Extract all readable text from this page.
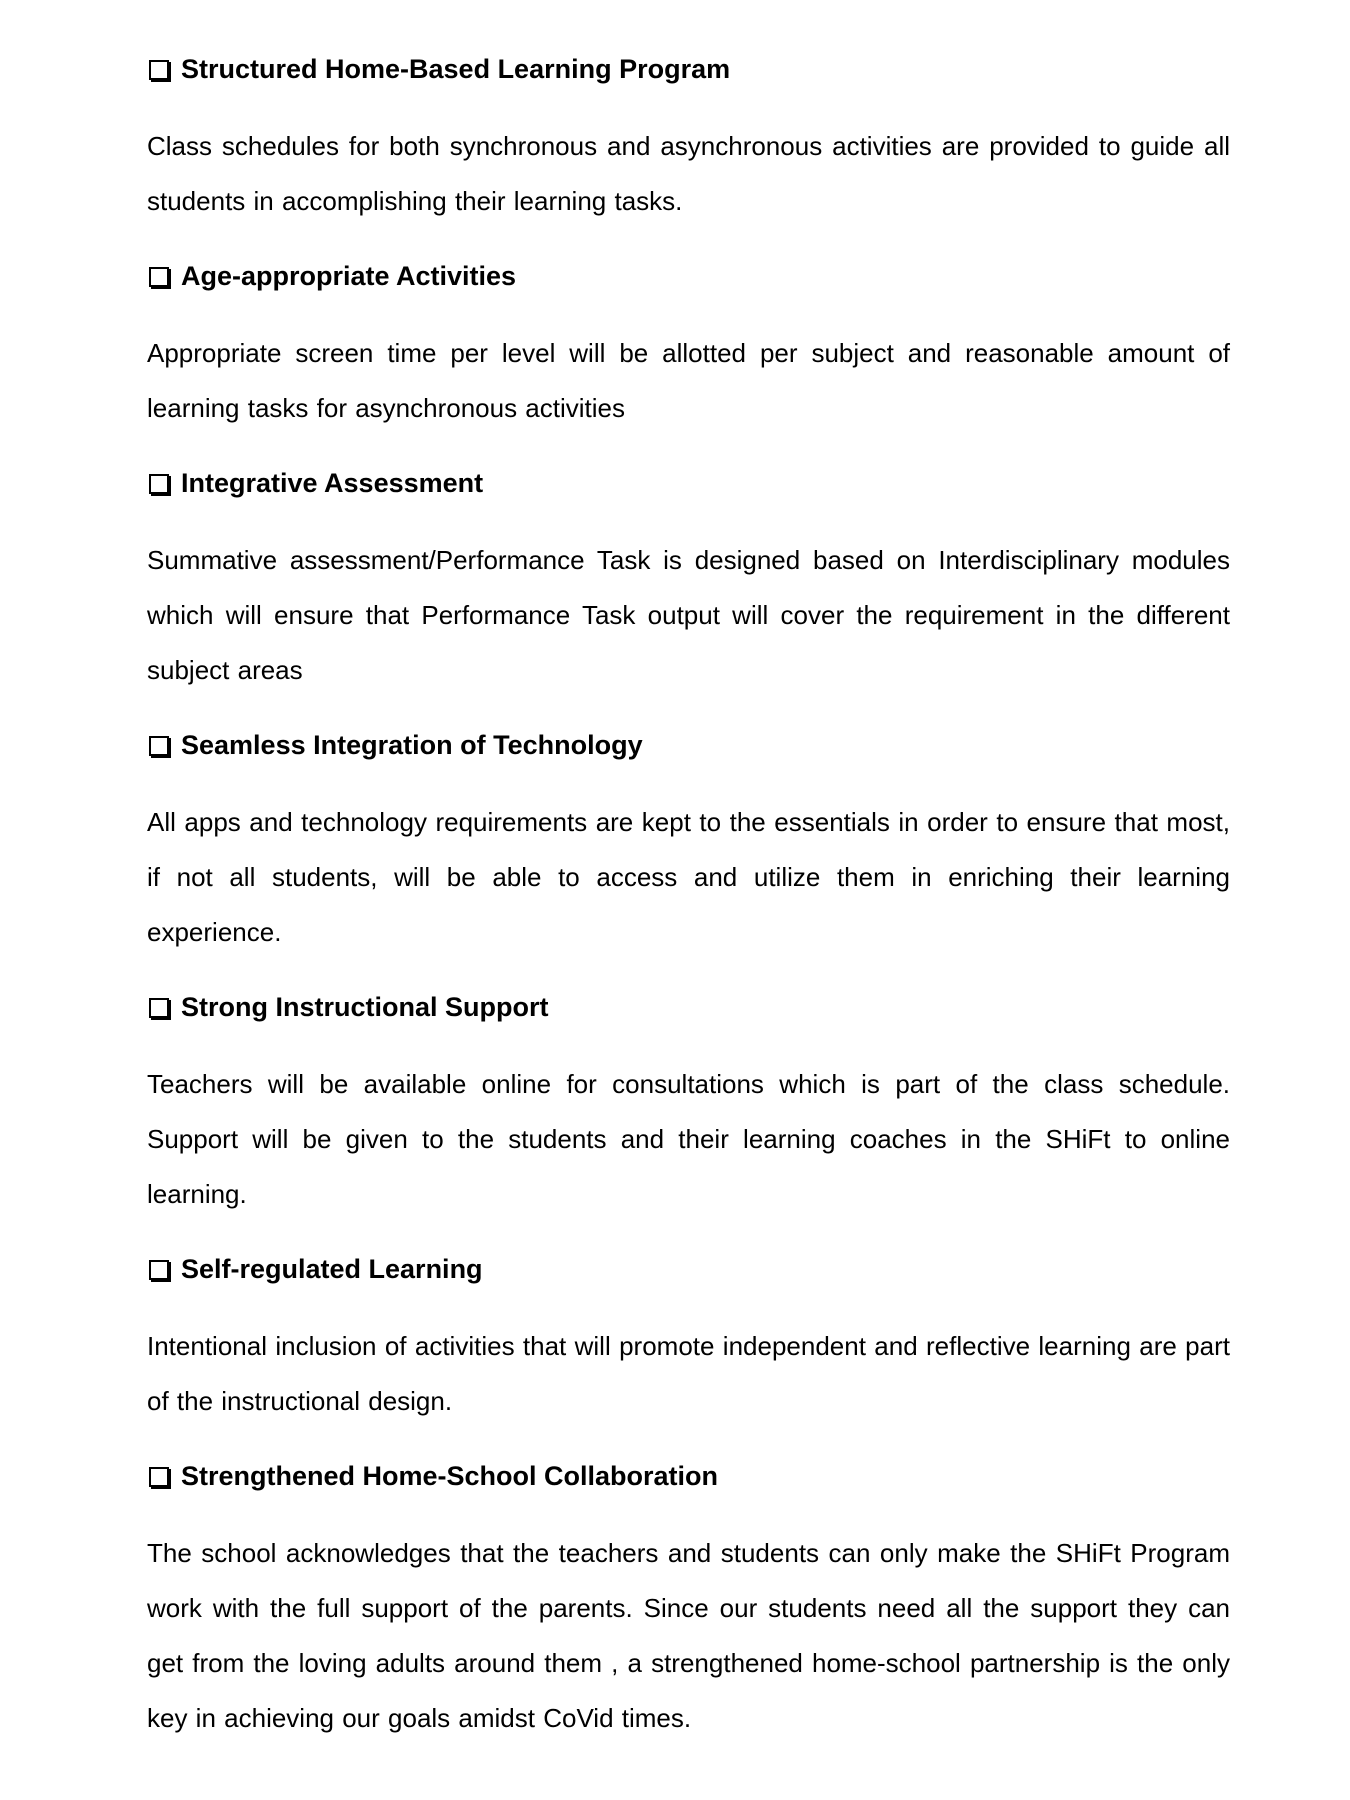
Structured Home-Based Learning Program

Class schedules for both synchronous and asynchronous activities are provided to guide all students in accomplishing their learning tasks.

Age-appropriate Activities

Appropriate screen time per level will be allotted per subject and reasonable amount of learning tasks for asynchronous activities

Integrative Assessment

Summative assessment/Performance Task is designed based on Interdisciplinary modules which will ensure that Performance Task output will cover the requirement in the different subject areas

Seamless Integration of Technology

All apps and technology requirements are kept to the essentials in order to ensure that most, if not all students, will be able to access and utilize them in enriching their learning experience.

Strong Instructional Support

Teachers will be available online for consultations which is part of the class schedule. Support will be given to the students and their learning coaches in the SHiFt to online learning.

Self-regulated Learning

Intentional inclusion of activities that will promote independent and reflective learning are part of the instructional design.

Strengthened Home-School Collaboration

The school acknowledges that the teachers and students can only make the SHiFt Program work with the full support of the parents. Since our students need all the support they can get from the loving adults around them , a strengthened home-school partnership is the only key in achieving our goals amidst CoVid times.
